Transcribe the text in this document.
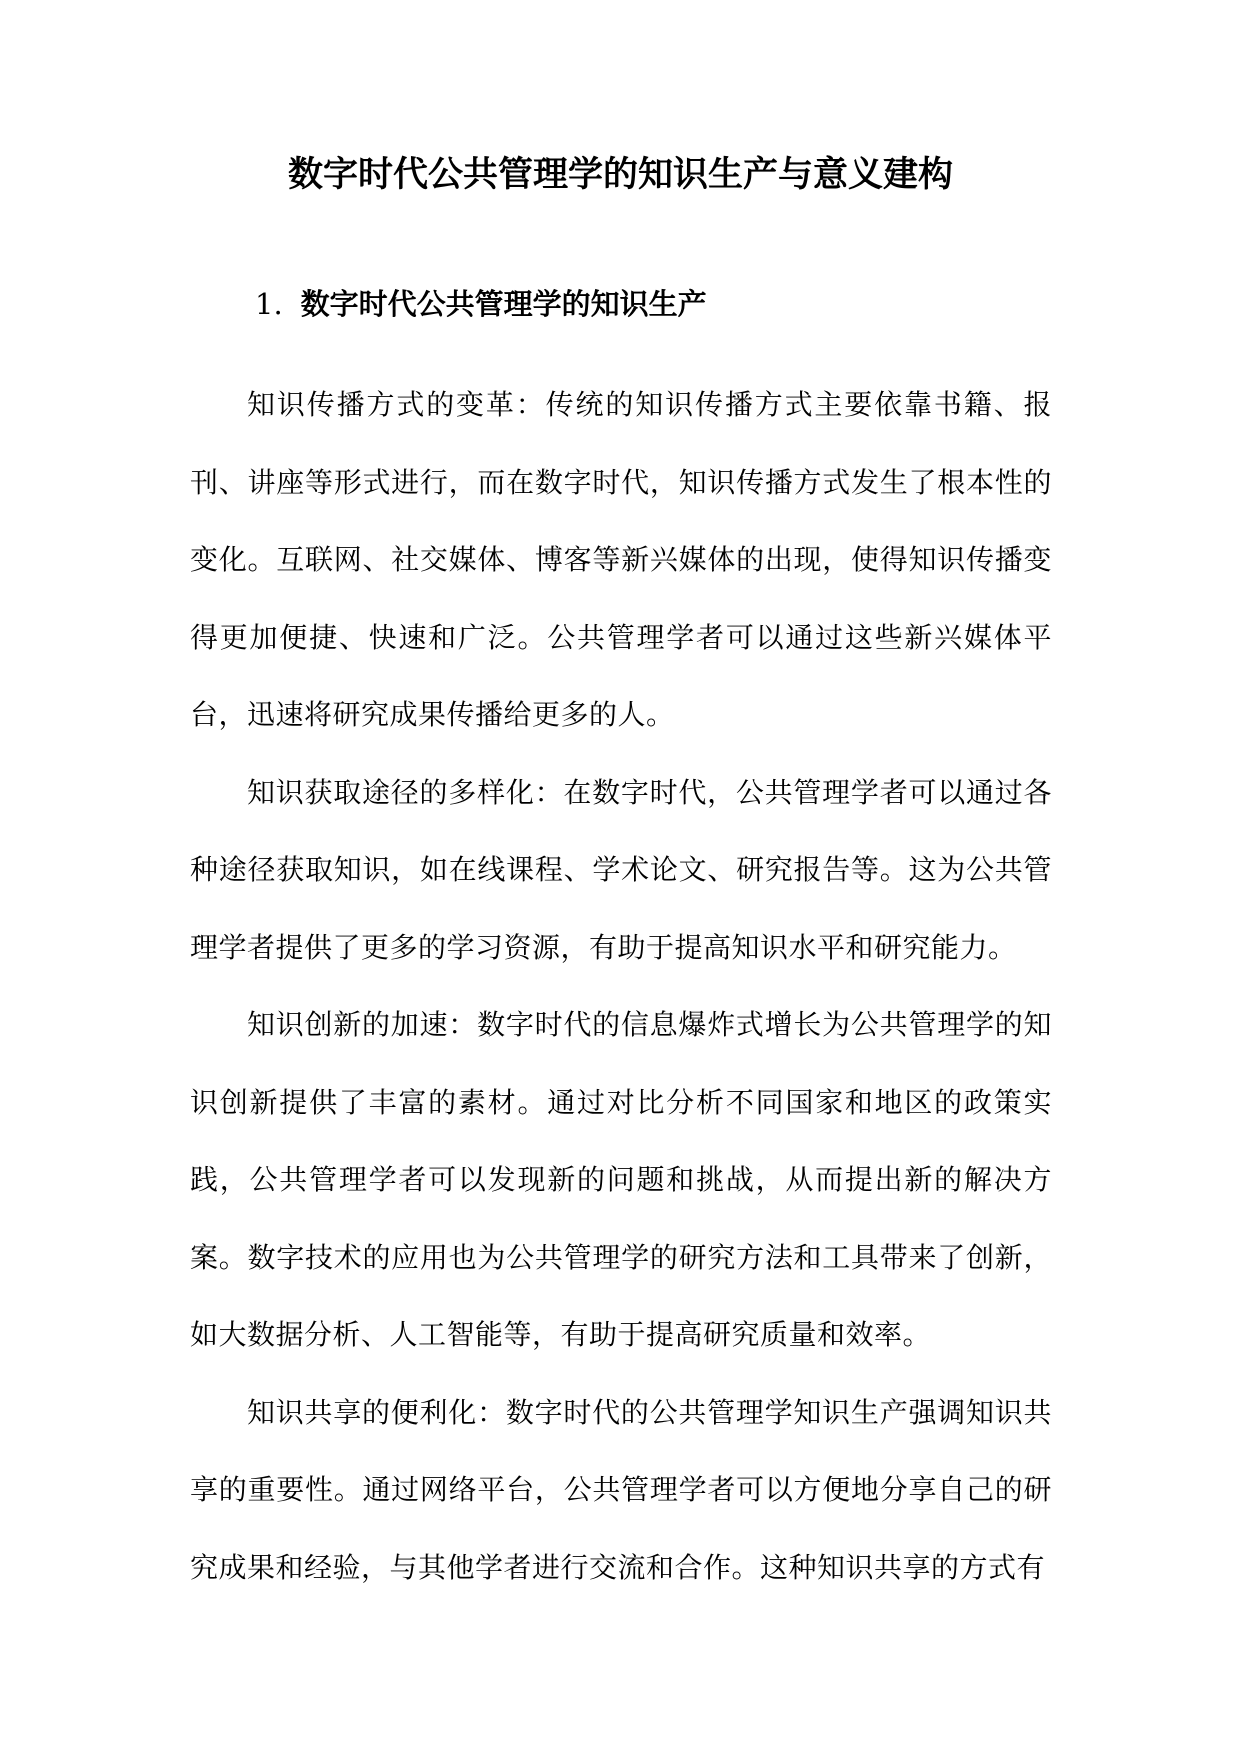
数字时代公共管理学的知识生产与意义建构
1. 数字时代公共管理学的知识生产

知识传播方式的变革：传统的知识传播方式主要依靠书籍、报刊、讲座等形式进行，而在数字时代，知识传播方式发生了根本性的变化。互联网、社交媒体、博客等新兴媒体的出现，使得知识传播变得更加便捷、快速和广泛。公共管理学者可以通过这些新兴媒体平台，迅速将研究成果传播给更多的人。

知识获取途径的多样化：在数字时代，公共管理学者可以通过各种途径获取知识，如在线课程、学术论文、研究报告等。这为公共管理学者提供了更多的学习资源，有助于提高知识水平和研究能力。

知识创新的加速：数字时代的信息爆炸式增长为公共管理学的知识创新提供了丰富的素材。通过对比分析不同国家和地区的政策实践，公共管理学者可以发现新的问题和挑战，从而提出新的解决方案。数字技术的应用也为公共管理学的研究方法和工具带来了创新，如大数据分析、人工智能等，有助于提高研究质量和效率。

知识共享的便利化：数字时代的公共管理学知识生产强调知识共享的重要性。通过网络平台，公共管理学者可以方便地分享自己的研究成果和经验，与其他学者进行交流和合作。这种知识共享的方式有
